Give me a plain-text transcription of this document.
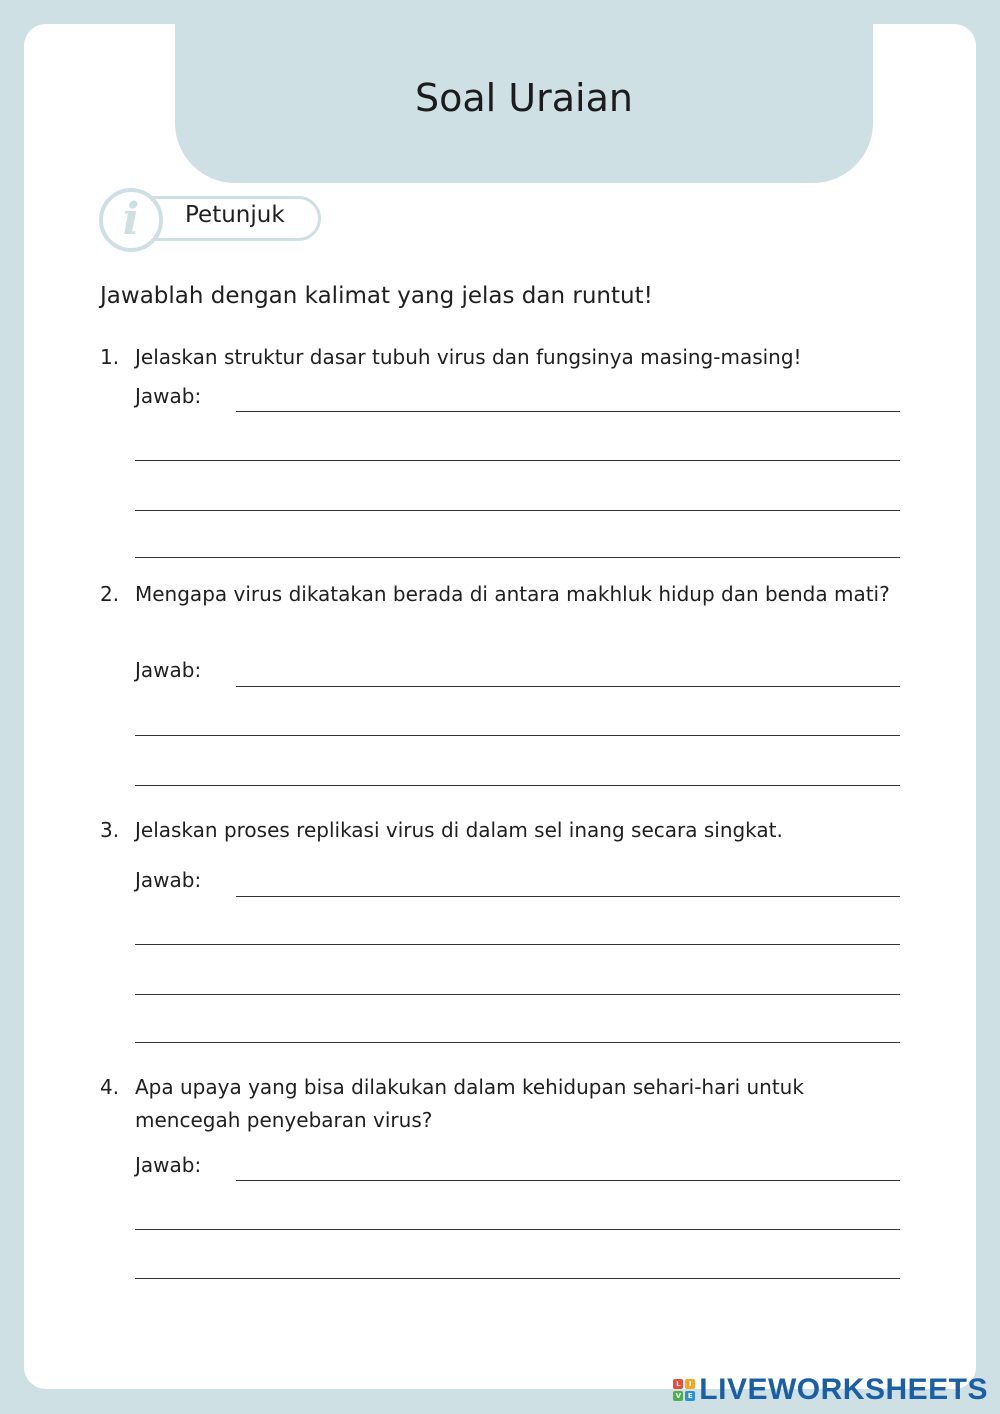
Soal Uraian
Petunjuk
i
Jawablah dengan kalimat yang jelas dan runtut!
1. Jelaskan struktur dasar tubuh virus dan fungsinya masing-masing!
Jawab:
2. Mengapa virus dikatakan berada di antara makhluk hidup dan benda mati?
Jawab:
3. Jelaskan proses replikasi virus di dalam sel inang secara singkat.
Jawab:
4. Apa upaya yang bisa dilakukan dalam kehidupan sehari-hari untuk mencegah penyebaran virus?
Jawab:
L	I
V E LIVEWORKSHEETS
